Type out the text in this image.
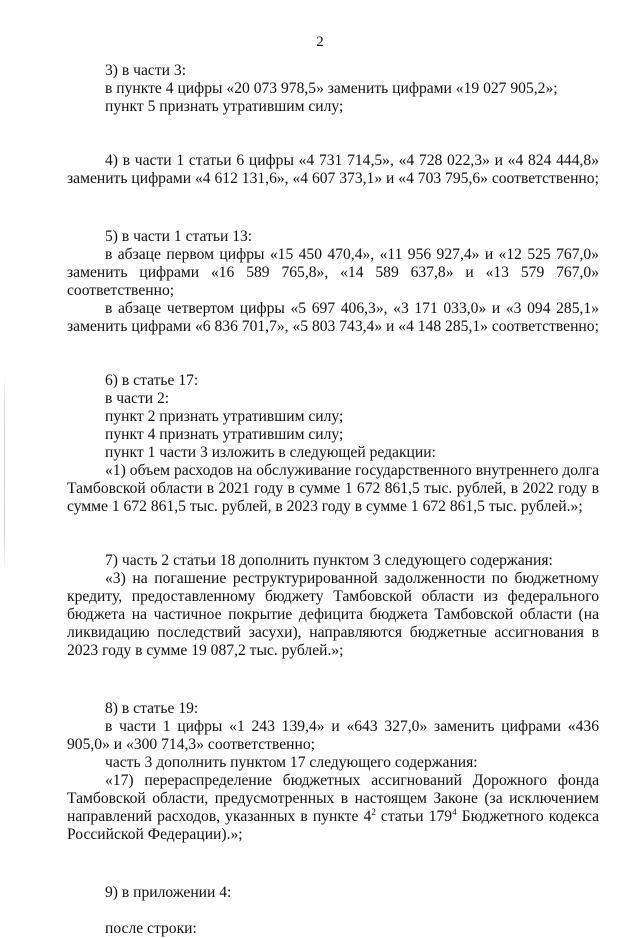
2

3) в части 3:

в пункте 4 цифры «20 073 978,5» заменить цифрами «19 027 905,2»;

пункт 5 признать утратившим силу;

4) в части 1 статьи 6 цифры «4 731 714,5», «4 728 022,3» и «4 824 444,8» заменить цифрами «4 612 131,6», «4 607 373,1» и «4 703 795,6» соответственно;

5) в части 1 статьи 13:

в абзаце первом цифры «15 450 470,4», «11 956 927,4» и «12 525 767,0» заменить цифрами «16 589 765,8», «14 589 637,8» и «13 579 767,0» соответственно;

в абзаце четвертом цифры «5 697 406,3», «3 171 033,0» и «3 094 285,1» заменить цифрами «6 836 701,7», «5 803 743,4» и «4 148 285,1» соответственно;

6) в статье 17:

в части 2:

пункт 2 признать утратившим силу;

пункт 4 признать утратившим силу;

пункт 1 части 3 изложить в следующей редакции:

«1) объем расходов на обслуживание государственного внутреннего долга Тамбовской области в 2021 году в сумме 1 672 861,5 тыс. рублей, в 2022 году в сумме 1 672 861,5 тыс. рублей, в 2023 году в сумме 1 672 861,5 тыс. рублей.»;

7) часть 2 статьи 18 дополнить пунктом 3 следующего содержания:

«3) на погашение реструктурированной задолженности по бюджетному кредиту, предоставленному бюджету Тамбовской области из федерального бюджета на частичное покрытие дефицита бюджета Тамбовской области (на ликвидацию последствий засухи), направляются бюджетные ассигнования в 2023 году в сумме 19 087,2 тыс. рублей.»;

8) в статье 19:

в части 1 цифры «1 243 139,4» и «643 327,0» заменить цифрами «436 905,0» и «300 714,3» соответственно;

часть 3 дополнить пунктом 17 следующего содержания:

«17) перераспределение бюджетных ассигнований Дорожного фонда Тамбовской области, предусмотренных в настоящем Законе (за исключением направлений расходов, указанных в пункте $4^2$ статьи $179^4$ Бюджетного кодекса Российской Федерации).»;

9) в приложении 4:

после строки:
